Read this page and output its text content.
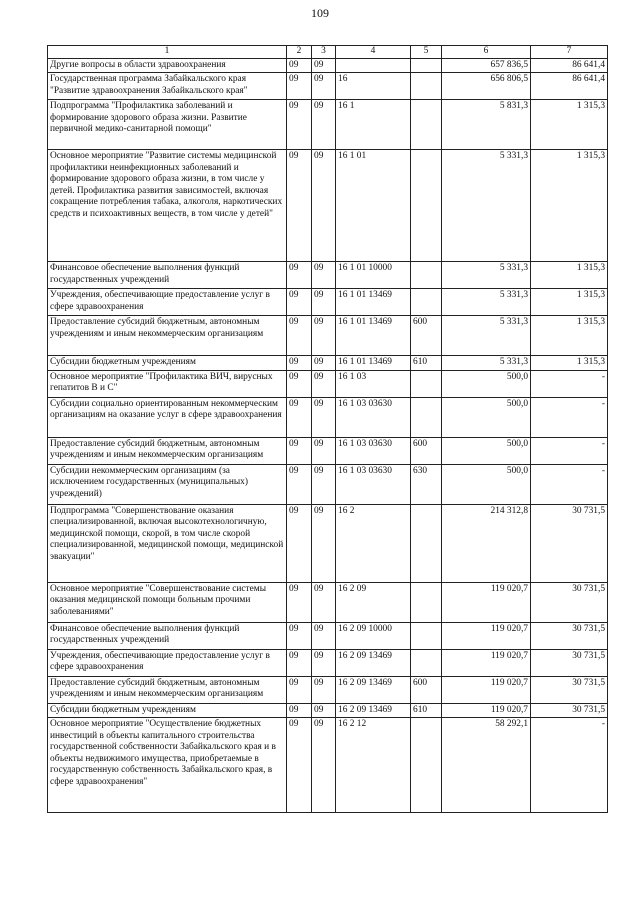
109
1	2	3	4	5	6	7
Другие вопросы в области здравоохранения	09	09			657 836,5	86 641,4
Государственная программа Забайкальского края "Развитие здравоохранения Забайкальского края"	09	09	16		656 806,5	86 641,4
Подпрограмма "Профилактика заболеваний и формирование здорового образа жизни. Развитие первичной медико-санитарной помощи"	09	09	16 1		5 831,3	1 315,3
Основное мероприятие "Развитие системы медицинской профилактики неинфекционных заболеваний и формирование здорового образа жизни, в том числе у детей. Профилактика развития зависимостей, включая сокращение потребления табака, алкоголя, наркотических средств и психоактивных веществ, в том числе у детей"	09	09	16 1 01		5 331,3	1 315,3
Финансовое обеспечение выполнения функций государственных учреждений	09	09	16 1 01 10000		5 331,3	1 315,3
Учреждения, обеспечивающие предоставление услуг в сфере здравоохранения	09	09	16 1 01 13469		5 331,3	1 315,3
Предоставление субсидий бюджетным, автономным учреждениям и иным некоммерческим организациям	09	09	16 1 01 13469	600	5 331,3	1 315,3
Субсидии бюджетным учреждениям	09	09	16 1 01 13469	610	5 331,3	1 315,3
Основное мероприятие "Профилактика ВИЧ, вирусных гепатитов В и С"	09	09	16 1 03		500,0	-
Субсидии социально ориентированным некоммерческим организациям на оказание услуг в сфере здравоохранения	09	09	16 1 03 03630		500,0	-
Предоставление субсидий бюджетным, автономным учреждениям и иным некоммерческим организациям	09	09	16 1 03 03630	600	500,0	-
Субсидии некоммерческим организациям (за исключением государственных (муниципальных) учреждений)	09	09	16 1 03 03630	630	500,0	-
Подпрограмма "Совершенствование оказания специализированной, включая высокотехнологичную, медицинской помощи, скорой, в том числе скорой специализированной, медицинской помощи, медицинской эвакуации"	09	09	16 2		214 312,8	30 731,5
Основное мероприятие "Совершенствование системы оказания медицинской помощи больным прочими заболеваниями"	09	09	16 2 09		119 020,7	30 731,5
Финансовое обеспечение выполнения функций государственных учреждений	09	09	16 2 09 10000		119 020,7	30 731,5
Учреждения, обеспечивающие предоставление услуг в сфере здравоохранения	09	09	16 2 09 13469		119 020,7	30 731,5
Предоставление субсидий бюджетным, автономным учреждениям и иным некоммерческим организациям	09	09	16 2 09 13469	600	119 020,7	30 731,5
Субсидии бюджетным учреждениям	09	09	16 2 09 13469	610	119 020,7	30 731,5
Основное мероприятие "Осуществление бюджетных инвестиций в объекты капитального строительства государственной собственности Забайкальского края и в объекты недвижимого имущества, приобретаемые в государственную собственность Забайкальского края, в сфере здравоохранения"	09	09	16 2 12		58 292,1	-
